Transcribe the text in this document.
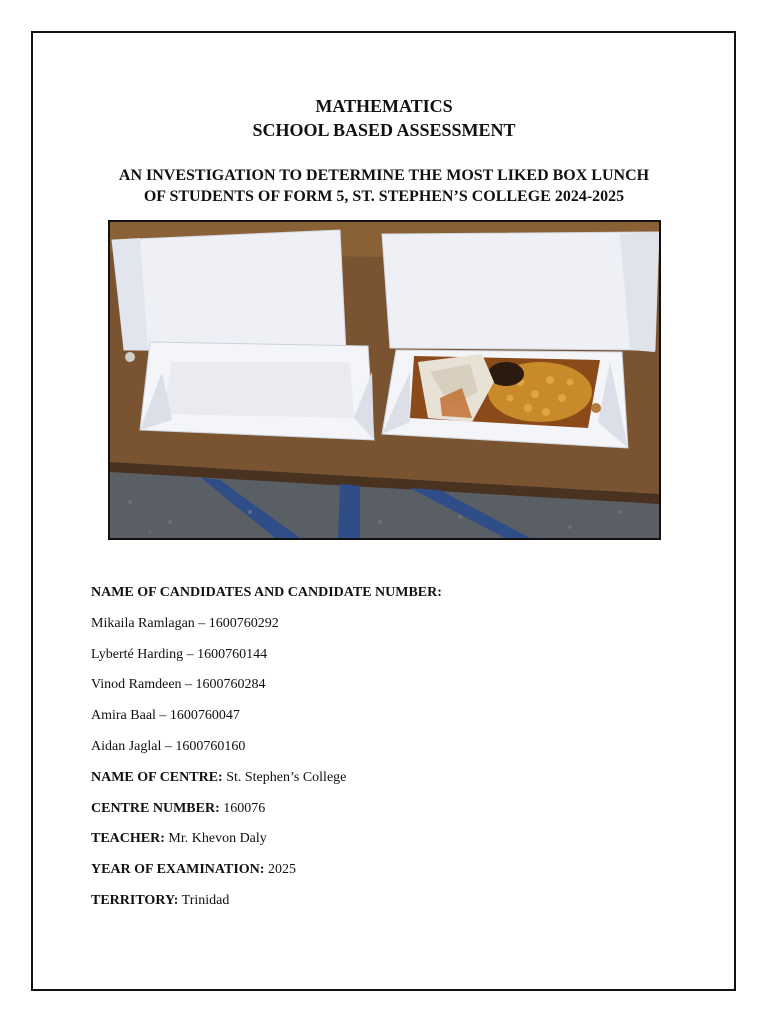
MATHEMATICS
SCHOOL BASED ASSESSMENT
AN INVESTIGATION TO DETERMINE THE MOST LIKED BOX LUNCH
OF STUDENTS OF FORM 5, ST. STEPHEN’S COLLEGE 2024-2025
NAME OF CANDIDATES AND CANDIDATE NUMBER:
Mikaila Ramlagan – 1600760292
Lyberté Harding – 1600760144
Vinod Ramdeen – 1600760284
Amira Baal – 1600760047
Aidan Jaglal – 1600760160
NAME OF CENTRE: St. Stephen’s College
CENTRE NUMBER: 160076
TEACHER: Mr. Khevon Daly
YEAR OF EXAMINATION: 2025
TERRITORY: Trinidad
